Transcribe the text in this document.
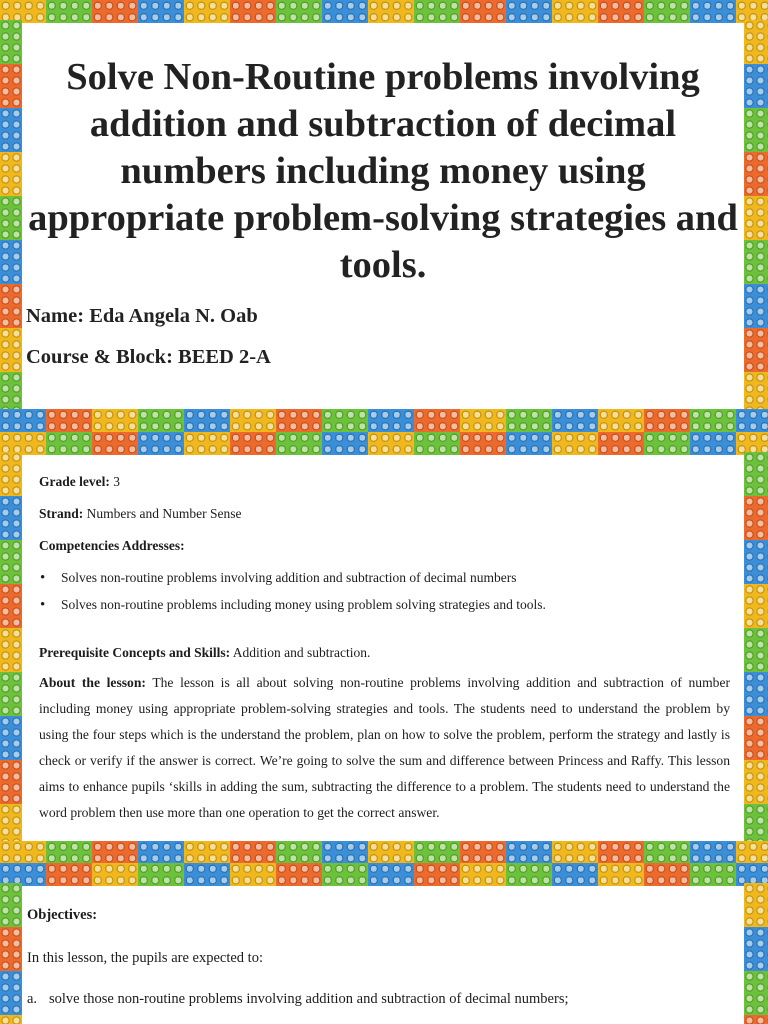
Solve Non-Routine problems involving addition and subtraction of decimal numbers including money using appropriate problem-solving strategies and tools.

Name: Eda Angela N. Oab

Course & Block: BEED 2-A

Grade level: 3

Strand: Numbers and Number Sense

Competencies Addresses:

• Solves non-routine problems involving addition and subtraction of decimal numbers
• Solves non-routine problems including money using problem solving strategies and tools.

Prerequisite Concepts and Skills: Addition and subtraction.

About the lesson: The lesson is all about solving non-routine problems involving addition and subtraction of number including money using appropriate problem-solving strategies and tools. The students need to understand the problem by using the four steps which is the understand the problem, plan on how to solve the problem, perform the strategy and lastly is check or verify if the answer is correct. We’re going to solve the sum and difference between Princess and Raffy. This lesson aims to enhance pupils ‘skills in adding the sum, subtracting the difference to a problem. The students need to understand the word problem then use more than one operation to get the correct answer.

Objectives:

In this lesson, the pupils are expected to:

a. solve those non-routine problems involving addition and subtraction of decimal numbers;
